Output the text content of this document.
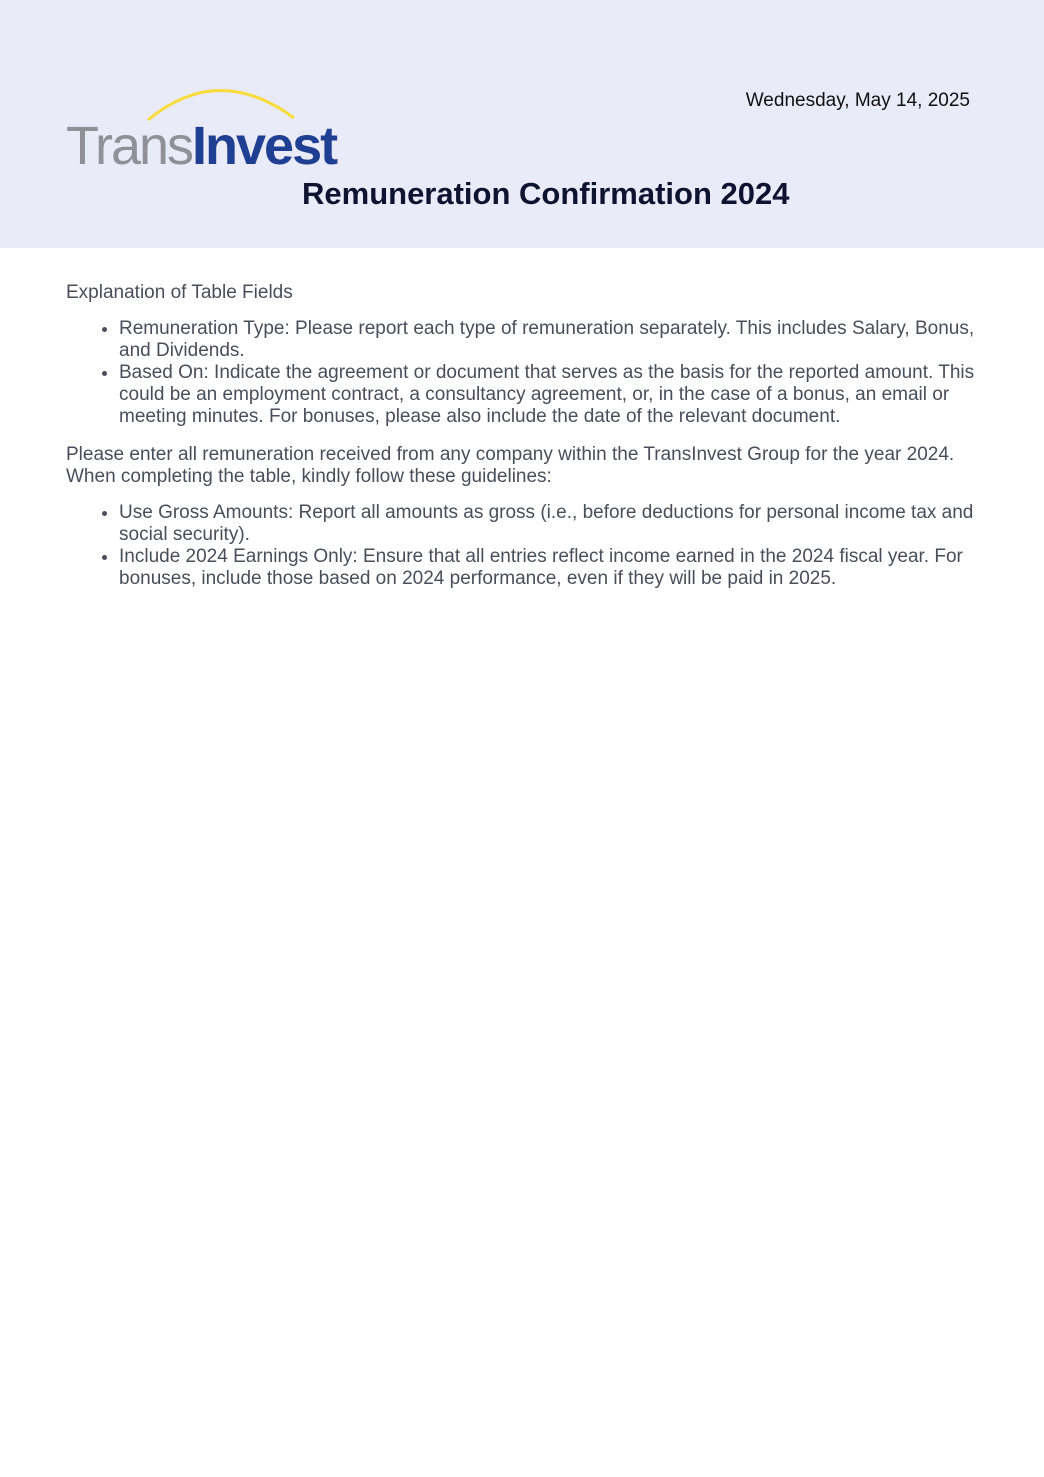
TransInvest
Wednesday, May 14, 2025
Remuneration Confirmation 2024

Explanation of Table Fields

• Remuneration Type: Please report each type of remuneration separately. This includes Salary, Bonus, and Dividends.
• Based On: Indicate the agreement or document that serves as the basis for the reported amount. This could be an employment contract, a consultancy agreement, or, in the case of a bonus, an email or meeting minutes. For bonuses, please also include the date of the relevant document.

Please enter all remuneration received from any company within the TransInvest Group for the year 2024. When completing the table, kindly follow these guidelines:

• Use Gross Amounts: Report all amounts as gross (i.e., before deductions for personal income tax and social security).
• Include 2024 Earnings Only: Ensure that all entries reflect income earned in the 2024 fiscal year. For bonuses, include those based on 2024 performance, even if they will be paid in 2025.
